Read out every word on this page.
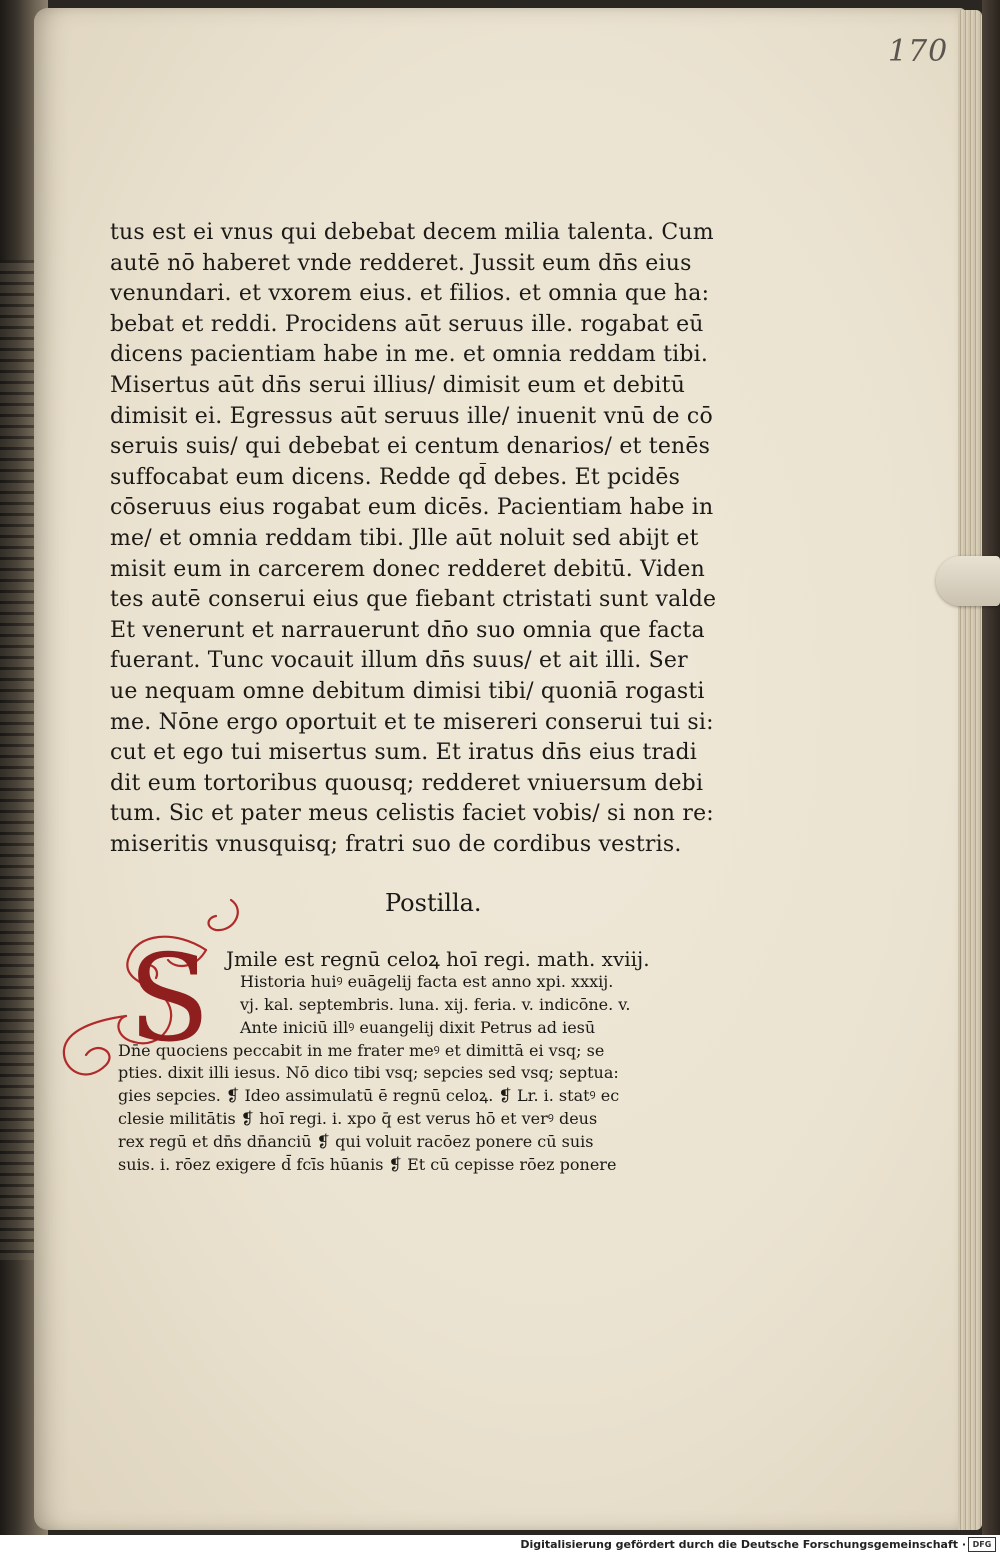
170
tus est ei vnus qui debebat decem milia talenta. Cum
autē nō haberet vnde redderet. Jussit eum dn̄s eius
venundari. et vxorem eius. et filios. et omnia que ha:
bebat et reddi. Procidens aūt seruus ille. rogabat eū
dicens pacientiam habe in me. et omnia reddam tibi.
Misertus aūt dn̄s serui illius/ dimisit eum et debitū
dimisit ei. Egressus aūt seruus ille/ inuenit vnū de cō
seruis suis/ qui debebat ei centum denarios/ et tenēs
suffocabat eum dicens. Redde qd̄ debes. Et pcidēs
cōseruus eius rogabat eum dicēs. Pacientiam habe in
me/ et omnia reddam tibi. Jlle aūt noluit sed abijt et
misit eum in carcerem donec redderet debitū. Viden
tes autē conserui eius que fiebant ctristati sunt valde
Et venerunt et narrauerunt dn̄o suo omnia que facta
fuerant. Tunc vocauit illum dn̄s suus/ et ait illi. Ser
ue nequam omne debitum dimisi tibi/ quoniā rogasti
me. Nōne ergo oportuit et te misereri conserui tui si:
cut et ego tui misertus sum. Et iratus dn̄s eius tradi
dit eum tortoribus quousq; redderet vniuersum debi
tum. Sic et pater meus celistis faciet vobis/ si non re:
miseritis vnusquisq; fratri suo de cordibus vestris.
Postilla.
S Jmile est regnū celoꝝ hoī regi. math. xviij.
Historia huiꝰ euāgelij facta est anno xpi. xxxij.
vj. kal. septembris. luna. xij. feria. v. indicōne. v.
Ante iniciū illꝰ euangelij dixit Petrus ad iesū
Dn̄e quociens peccabit in me frater meꝰ et dimittā ei vsq; se
pties. dixit illi iesus. Nō dico tibi vsq; sepcies sed vsq; septua:
gies sepcies. ❡ Ideo assimulatū ē regnū celoꝝ. ❡ Lr. i. statꝰ ec
clesie militātis ❡ hoī regi. i. xpo q̄ est verus hō et verꝰ deus
rex regū et dn̄s dn̄anciū ❡ qui voluit racōez ponere cū suis
suis. i. rōez exigere d̄ fcīs hūanis ❡ Et cū cepisse rōez ponere
Digitalisierung gefördert durch die Deutsche Forschungsgemeinschaft · DFG
